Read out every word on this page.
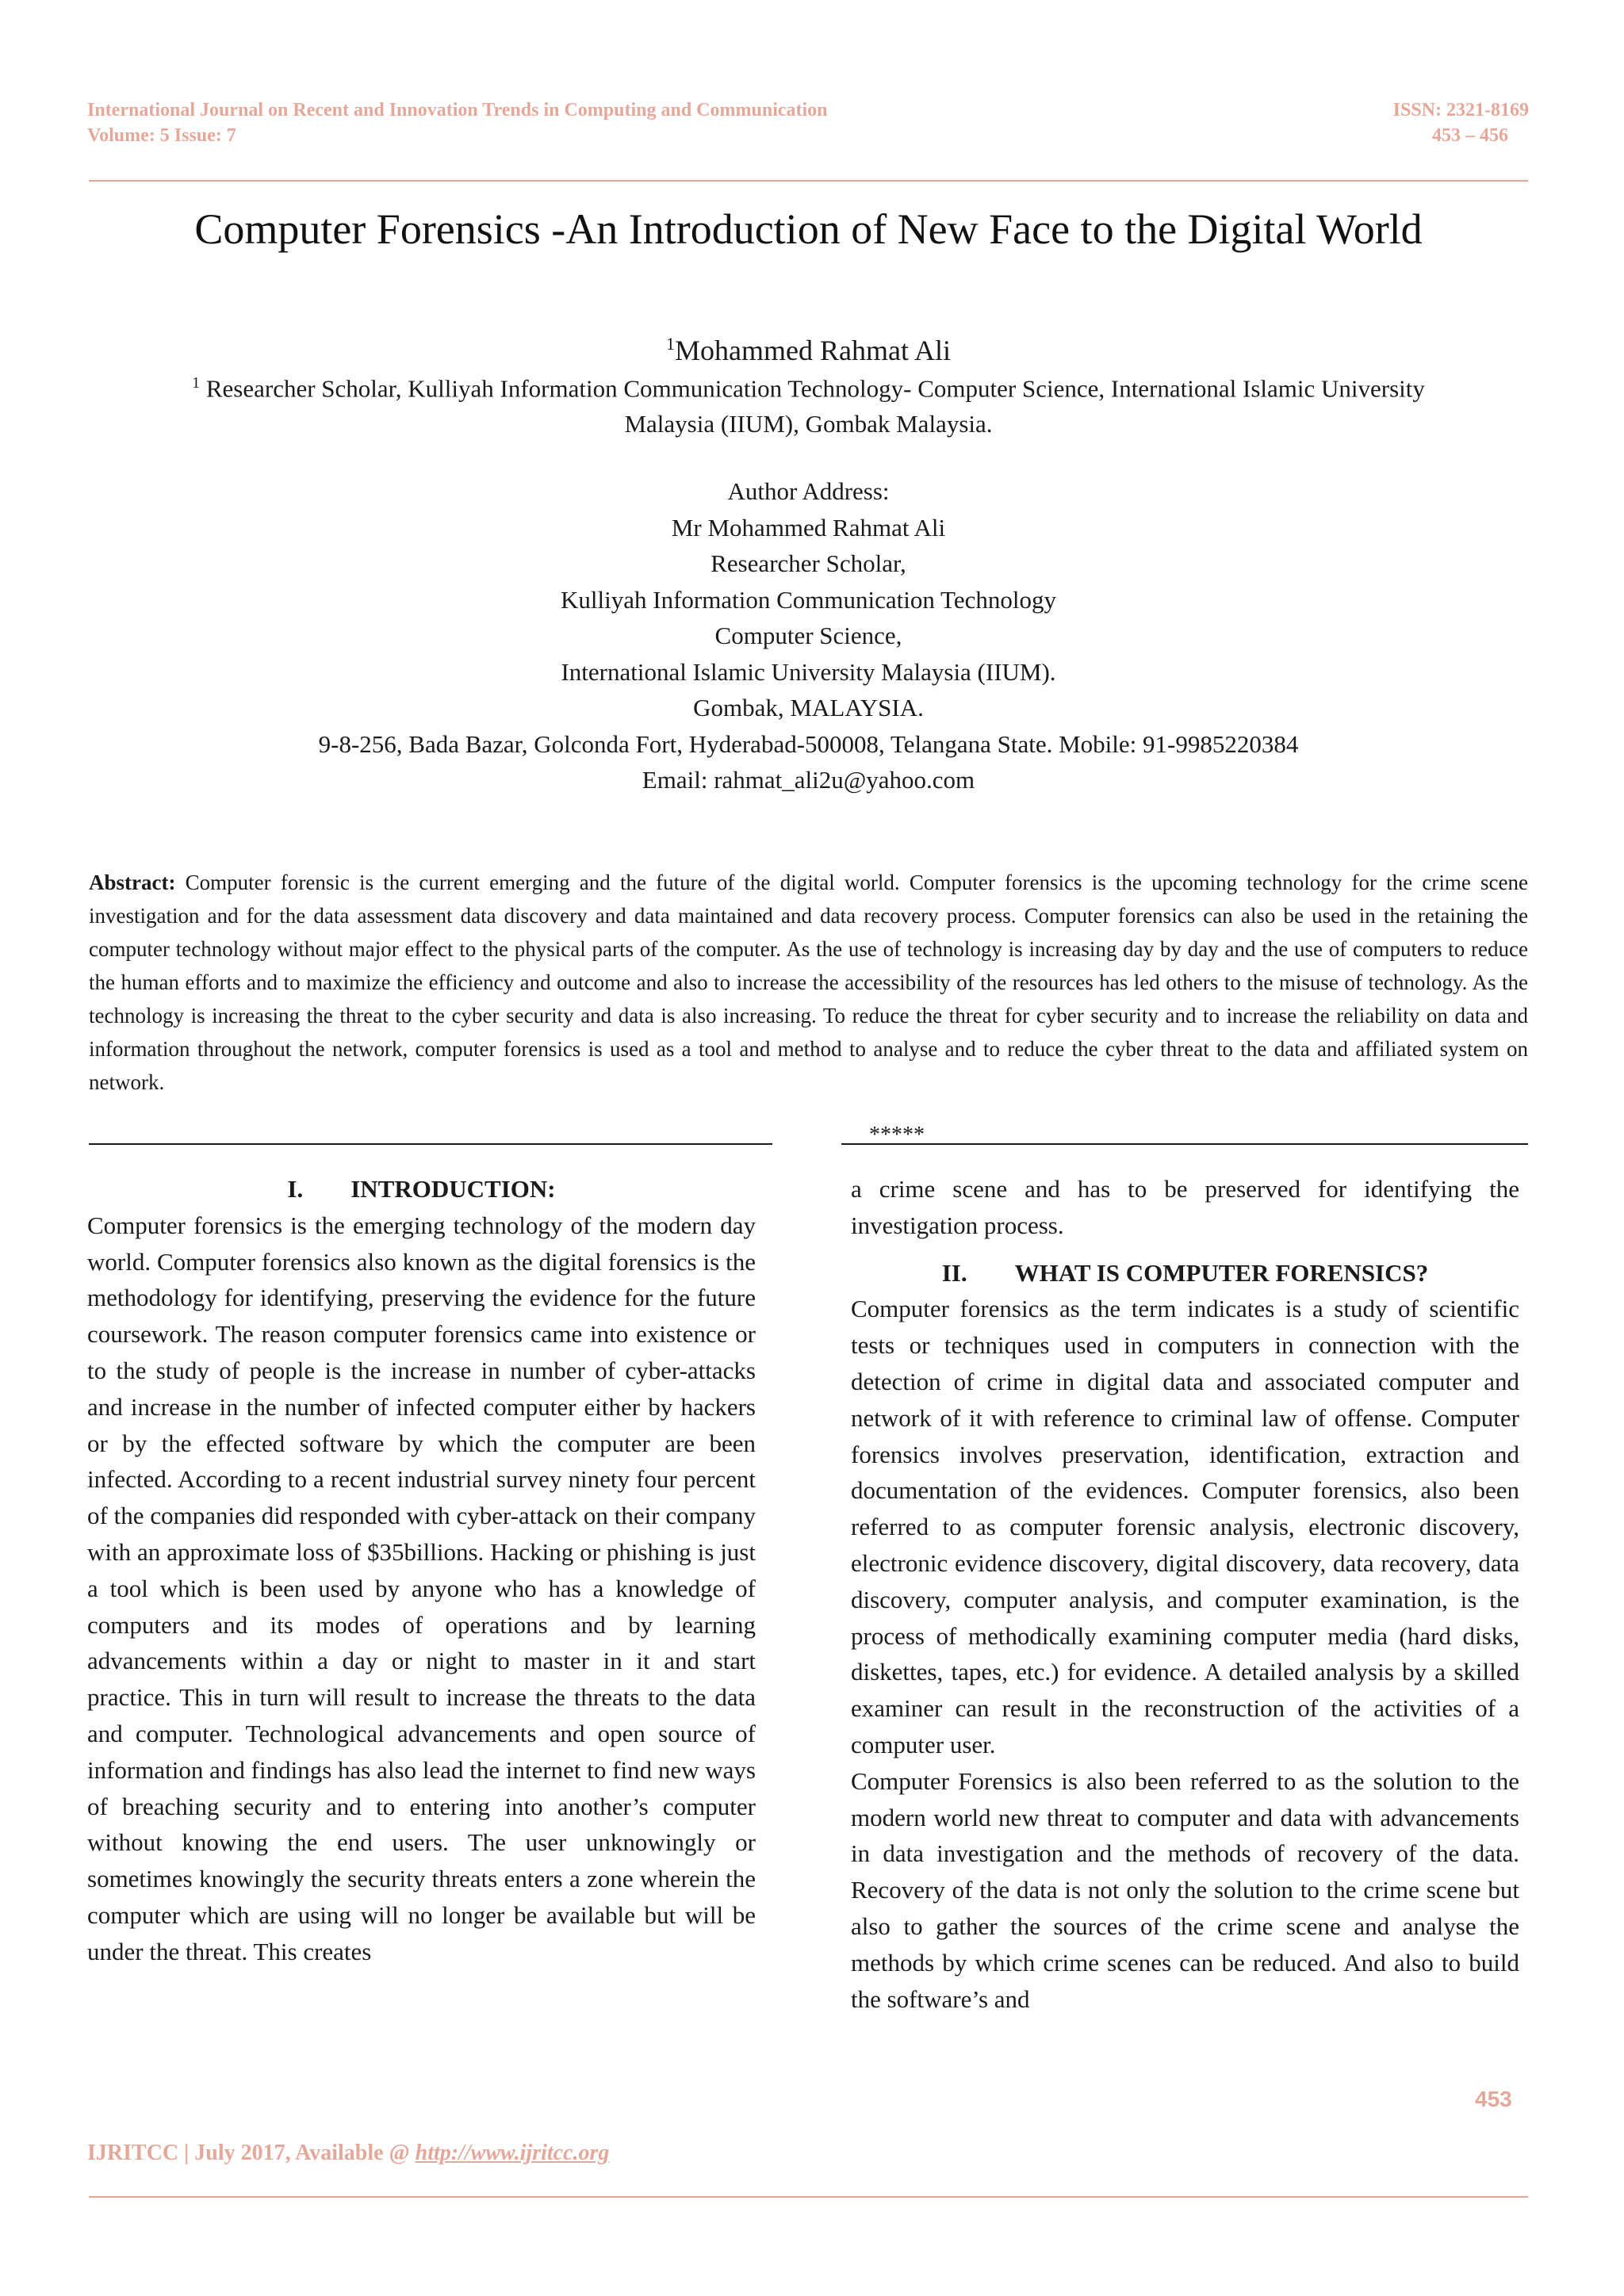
International Journal on Recent and Innovation Trends in Computing and Communication	ISSN: 2321-8169
Volume: 5 Issue: 7	453 – 456
Computer Forensics -An Introduction of New Face to the Digital World
$^1$Mohammed Rahmat Ali
$^1$ Researcher Scholar, Kulliyah Information Communication Technology- Computer Science, International Islamic University
Malaysia (IIUM), Gombak Malaysia.
Author Address:
Mr Mohammed Rahmat Ali
Researcher Scholar,
Kulliyah Information Communication Technology
Computer Science,
International Islamic University Malaysia (IIUM).
Gombak, MALAYSIA.
9-8-256, Bada Bazar, Golconda Fort, Hyderabad-500008, Telangana State. Mobile: 91-9985220384
Email: rahmat_ali2u@yahoo.com
Abstract: Computer forensic is the current emerging and the future of the digital world. Computer forensics is the upcoming technology for the crime scene investigation and for the data assessment data discovery and data maintained and data recovery process. Computer forensics can also be used in the retaining the computer technology without major effect to the physical parts of the computer. As the use of technology is increasing day by day and the use of computers to reduce the human efforts and to maximize the efficiency and outcome and also to increase the accessibility of the resources has led others to the misuse of technology. As the technology is increasing the threat to the cyber security and data is also increasing. To reduce the threat for cyber security and to increase the reliability on data and information throughout the network, computer forensics is used as a tool and method to analyse and to reduce the cyber threat to the data and affiliated system on network.
*****
I. INTRODUCTION:

Computer forensics is the emerging technology of the modern day world. Computer forensics also known as the digital forensics is the methodology for identifying, preserving the evidence for the future coursework. The reason computer forensics came into existence or to the study of people is the increase in number of cyber-attacks and increase in the number of infected computer either by hackers or by the effected software by which the computer are been infected. According to a recent industrial survey ninety four percent of the companies did responded with cyber-attack on their company with an approximate loss of $35billions. Hacking or phishing is just a tool which is been used by anyone who has a knowledge of computers and its modes of operations and by learning advancements within a day or night to master in it and start practice. This in turn will result to increase the threats to the data and computer. Technological advancements and open source of information and findings has also lead the internet to find new ways of breaching security and to entering into another’s computer without knowing the end users. The user unknowingly or sometimes knowingly the security threats enters a zone wherein the computer which are using will no longer be available but will be under the threat. This creates

a crime scene and has to be preserved for identifying the investigation process.

II. WHAT IS COMPUTER FORENSICS?

Computer forensics as the term indicates is a study of scientific tests or techniques used in computers in connection with the detection of crime in digital data and associated computer and network of it with reference to criminal law of offense. Computer forensics involves preservation, identification, extraction and documentation of the evidences. Computer forensics, also been referred to as computer forensic analysis, electronic discovery, electronic evidence discovery, digital discovery, data recovery, data discovery, computer analysis, and computer examination, is the process of methodically examining computer media (hard disks, diskettes, tapes, etc.) for evidence. A detailed analysis by a skilled examiner can result in the reconstruction of the activities of a computer user.

Computer Forensics is also been referred to as the solution to the modern world new threat to computer and data with advancements in data investigation and the methods of recovery of the data. Recovery of the data is not only the solution to the crime scene but also to gather the sources of the crime scene and analyse the methods by which crime scenes can be reduced. And also to build the software’s and

453
IJRITCC | July 2017, Available @ http://www.ijritcc.org
